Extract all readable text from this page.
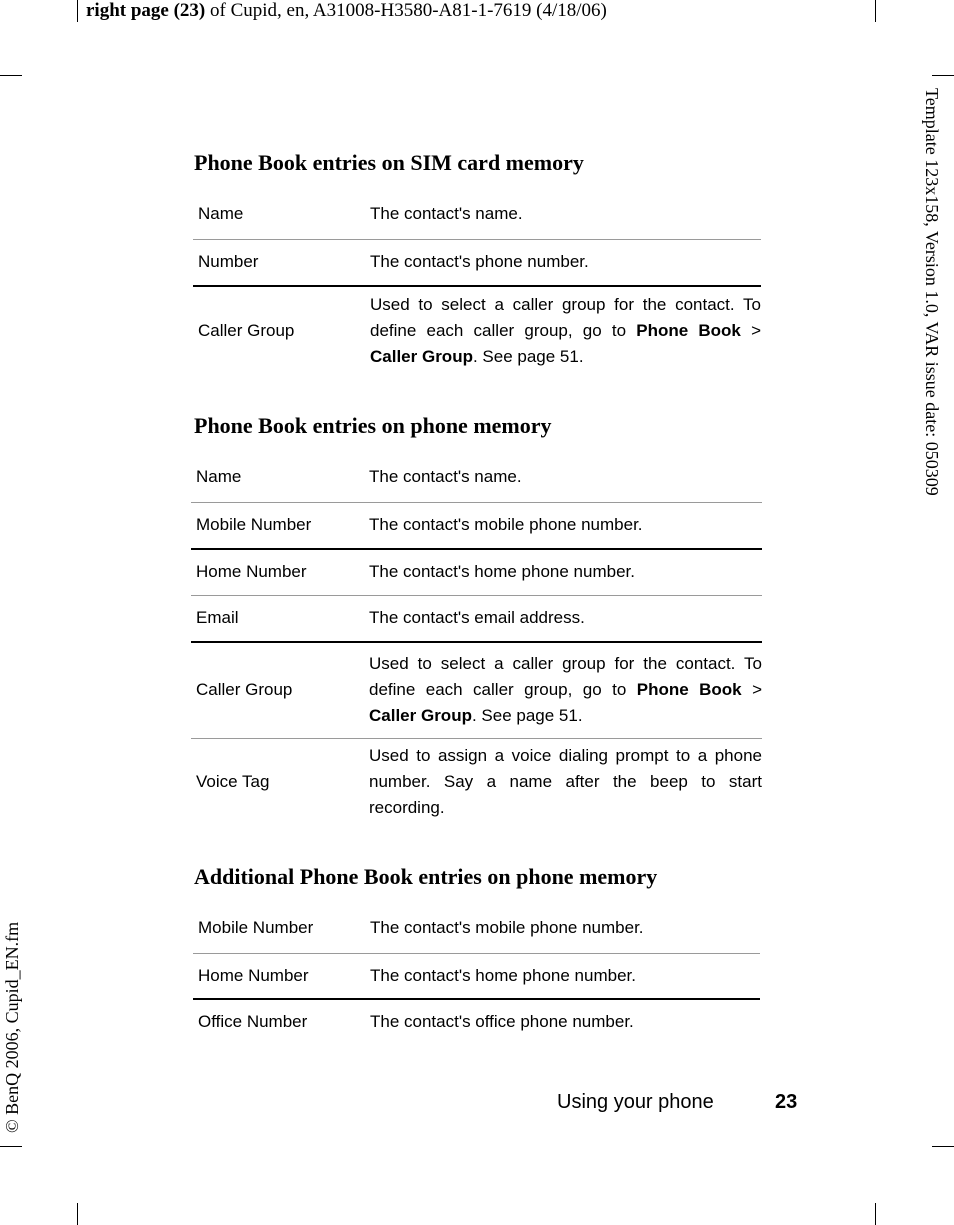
right page (23) of Cupid, en, A31008-H3580-A81-1-7619 (4/18/06)
Template 123x158, Version 1.0, VAR issue date: 050309
© BenQ 2006, Cupid_EN.fm
Phone Book entries on SIM card memory
Name	The contact's name.
Number	The contact's phone number.
Caller Group	Used to select a caller group for the contact. To define each caller group, go to Phone Book > Caller Group. See page 51.
Phone Book entries on phone memory
Name	The contact's name.
Mobile Number	The contact's mobile phone number.
Home Number	The contact's home phone number.
Email	The contact's email address.
Caller Group	Used to select a caller group for the contact. To define each caller group, go to Phone Book > Caller Group. See page 51.
Voice Tag	Used to assign a voice dialing prompt to a phone number. Say a name after the beep to start recording.
Additional Phone Book entries on phone memory
Mobile Number	The contact's mobile phone number.
Home Number	The contact's home phone number.
Office Number	The contact's office phone number.
Using your phone	23
